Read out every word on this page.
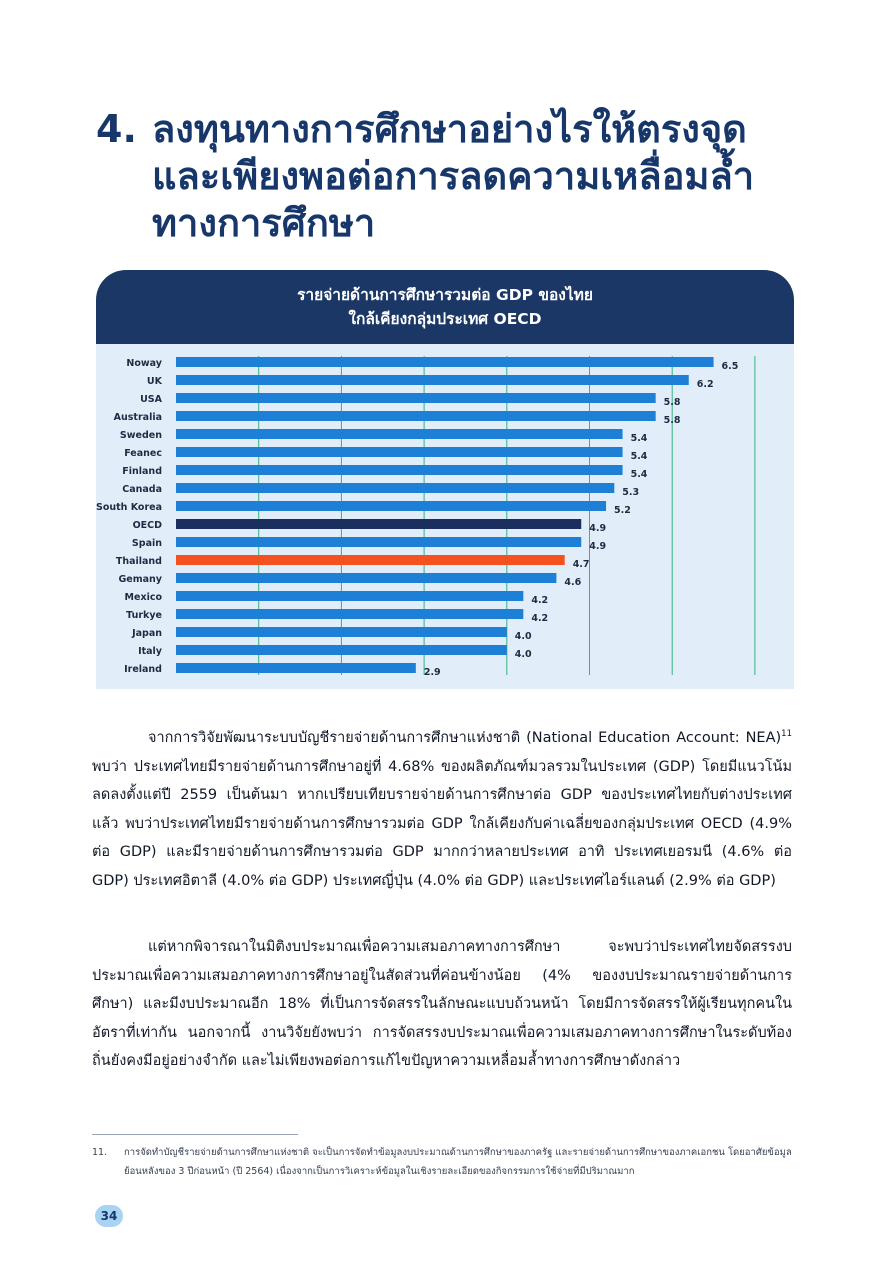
4. ลงทุนทางการศึกษาอย่างไรให้ตรงจุด
และเพียงพอต่อการลดความเหลื่อมล้ำ
ทางการศึกษา
รายจ่ายด้านการศึกษารวมต่อ GDP ของไทย
ใกล้เคียงกลุ่มประเทศ OECD
Noway	6.5
UK	6.2
USA	5.8
Australia	5.8
Sweden	5.4
Feanec	5.4
Finland	5.4
Canada	5.3
South Korea	5.2
OECD	4.9
Spain	4.9
Thailand	4.7
Gemany	4.6
Mexico	4.2
Turkye	4.2
Japan	4.0
Italy	4.0
Ireland	2.9
จากการวิจัยพัฒนาระบบบัญชีรายจ่ายด้านการศึกษาแห่งชาติ (National Education Account: NEA)$^{11}$ พบว่า ประเทศไทยมีรายจ่ายด้านการศึกษาอยู่ที่ 4.68% ของผลิตภัณฑ์มวลรวมในประเทศ (GDP) โดยมีแนวโน้มลดลงตั้งแต่ปี 2559 เป็นต้นมา หากเปรียบเทียบรายจ่ายด้านการศึกษาต่อ GDP ของประเทศไทยกับต่างประเทศแล้ว พบว่าประเทศไทยมีรายจ่ายด้านการศึกษารวมต่อ GDP ใกล้เคียงกับค่าเฉลี่ยของกลุ่มประเทศ OECD (4.9% ต่อ GDP) และมีรายจ่ายด้านการศึกษารวมต่อ GDP มากกว่าหลายประเทศ อาทิ ประเทศเยอรมนี (4.6% ต่อ GDP) ประเทศอิตาลี (4.0% ต่อ GDP) ประเทศญี่ปุ่น (4.0% ต่อ GDP) และประเทศไอร์แลนด์ (2.9% ต่อ GDP)
แต่หากพิจารณาในมิติงบประมาณเพื่อความเสมอภาคทางการศึกษา จะพบว่าประเทศไทยจัดสรรงบประมาณเพื่อความเสมอภาคทางการศึกษาอยู่ในสัดส่วนที่ค่อนข้างน้อย (4% ของงบประมาณรายจ่ายด้านการศึกษา) และมีงบประมาณอีก 18% ที่เป็นการจัดสรรในลักษณะแบบถ้วนหน้า โดยมีการจัดสรรให้ผู้เรียนทุกคนในอัตราที่เท่ากัน นอกจากนี้ งานวิจัยยังพบว่า การจัดสรรงบประมาณเพื่อความเสมอภาคทางการศึกษาในระดับท้องถิ่นยังคงมีอยู่อย่างจำกัด และไม่เพียงพอต่อการแก้ไขปัญหาความเหลื่อมล้ำทางการศึกษาดังกล่าว
11. การจัดทำบัญชีรายจ่ายด้านการศึกษาแห่งชาติ จะเป็นการจัดทำข้อมูลงบประมาณด้านการศึกษาของภาครัฐ และรายจ่ายด้านการศึกษาของภาคเอกชน โดยอาศัยข้อมูลย้อนหลังของ 3 ปีก่อนหน้า (ปี 2564) เนื่องจากเป็นการวิเคราะห์ข้อมูลในเชิงรายละเอียดของกิจกรรมการใช้จ่ายที่มีปริมาณมาก
34
